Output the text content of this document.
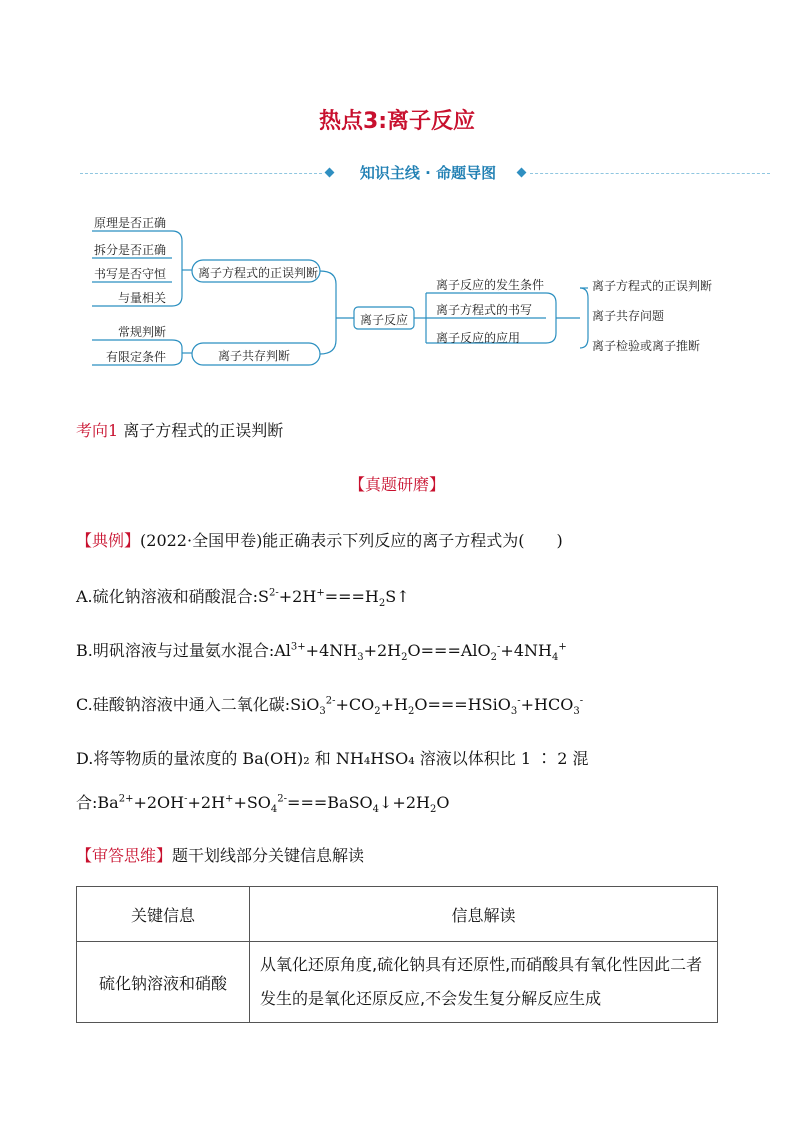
热点3:离子反应
知识主线 · 命题导图
原理是否正确
拆分是否正确
书写是否守恒
与量相关
常规判断
有限定条件
离子方程式的正误判断
离子共存判断
离子反应
离子反应的发生条件
离子方程式的书写
离子反应的应用
离子方程式的正误判断
离子共存问题
离子检验或离子推断
考向1 离子方程式的正误判断
【真题研磨】
【典例】(2022·全国甲卷)能正确表示下列反应的离子方程式为(　　)
A.硫化钠溶液和硝酸混合$:S^{2-}+2H^+===H_2S↑$
B.明矾溶液与过量氨水混合$:Al^{3+}+4NH_3+2H_2O===AlO_2^-+4NH_4^+$
C.硅酸钠溶液中通入二氧化碳$:SiO_3^{2-}+CO_2+H_2O===HSiO_3^-+HCO_3^-$
D.将等物质的量浓度的 Ba(OH)₂ 和 NH₄HSO₄ 溶液以体积比 1 ∶ 2 混
合$:Ba^{2+}+2OH^-+2H^++SO_4^{2-}===BaSO_4↓+2H_2O$
【审答思维】题干划线部分关键信息解读
关键信息	信息解读
硫化钠溶液和硝酸	从氧化还原角度,硫化钠具有还原性,而硝酸具有氧化性因此二者发生的是氧化还原反应,不会发生复分解反应生成
